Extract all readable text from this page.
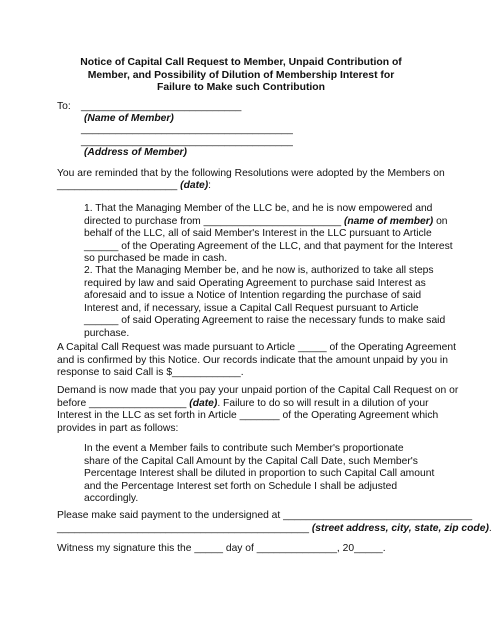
Notice of Capital Call Request to Member, Unpaid Contribution of
Member, and Possibility of Dilution of Membership Interest for
Failure to Make such Contribution
To: ____________________________
(Name of Member)
_____________________________________
_____________________________________
(Address of Member)
You are reminded that by the following Resolutions were adopted by the Members on
_____________________ (date):
1. That the Managing Member of the LLC be, and he is now empowered and
directed to purchase from ________________________ (name of member) on
behalf of the LLC, all of said Member's Interest in the LLC pursuant to Article
______ of the Operating Agreement of the LLC, and that payment for the Interest
so purchased be made in cash.
2. That the Managing Member be, and he now is, authorized to take all steps
required by law and said Operating Agreement to purchase said Interest as
aforesaid and to issue a Notice of Intention regarding the purchase of said
Interest and, if necessary, issue a Capital Call Request pursuant to Article
______ of said Operating Agreement to raise the necessary funds to make said
purchase.
A Capital Call Request was made pursuant to Article _____ of the Operating Agreement
and is confirmed by this Notice. Our records indicate that the amount unpaid by you in
response to said Call is $____________.
Demand is now made that you pay your unpaid portion of the Capital Call Request on or
before _________________ (date). Failure to do so will result in a dilution of your
Interest in the LLC as set forth in Article _______ of the Operating Agreement which
provides in part as follows:
In the event a Member fails to contribute such Member's proportionate
share of the Capital Call Amount by the Capital Call Date, such Member's
Percentage Interest shall be diluted in proportion to such Capital Call amount
and the Percentage Interest set forth on Schedule I shall be adjusted
accordingly.
Please make said payment to the undersigned at _________________________________
____________________________________________ (street address, city, state, zip code).
Witness my signature this the _____ day of ______________, 20_____.
